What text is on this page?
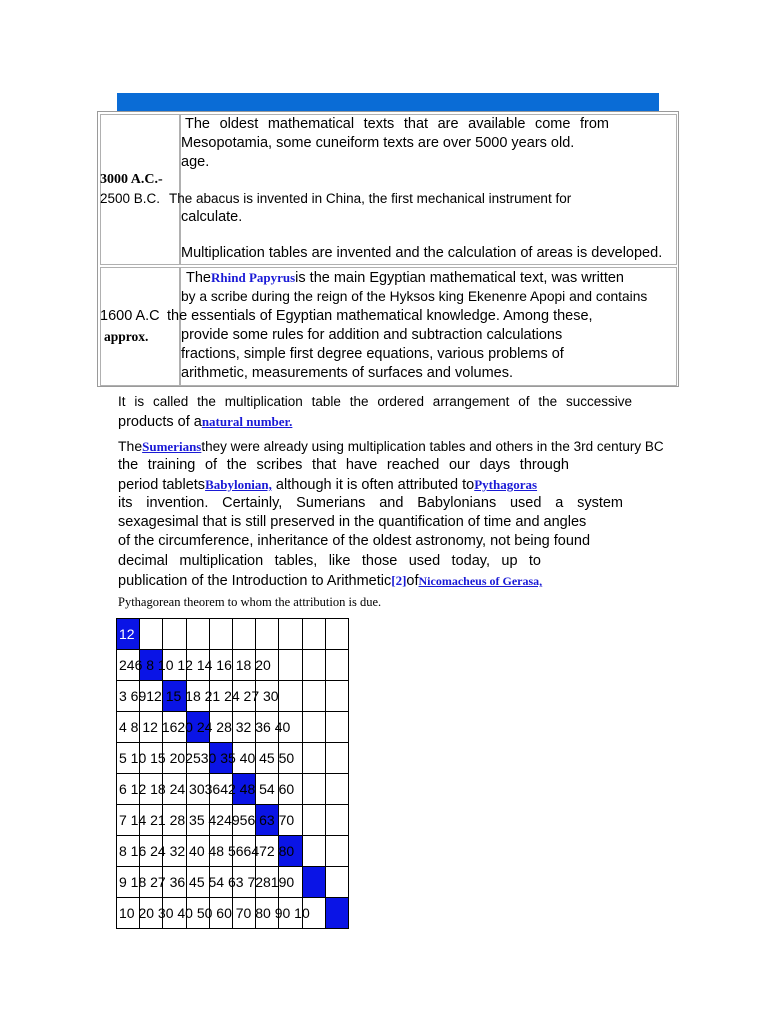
The oldest mathematical texts that are available come from
Mesopotamia, some cuneiform texts are over 5000 years old.
age.
3000 A.C.-
2500 B.C. The abacus is invented in China, the first mechanical instrument for
calculate.
Multiplication tables are invented and the calculation of areas is developed.
TheRhind Papyrusis the main Egyptian mathematical text, was written
by a scribe during the reign of the Hyksos king Ekenenre Apopi and contains
1600 A.C the essentials of Egyptian mathematical knowledge. Among these,
approx. provide some rules for addition and subtraction calculations
fractions, simple first degree equations, various problems of
arithmetic, measurements of surfaces and volumes.
It is called the multiplication table the ordered arrangement of the successive
products of anatural number.
TheSumeriansthey were already using multiplication tables and others in the 3rd century BC
the training of the scribes that have reached our days through
period tabletsBabylonian, although it is often attributed toPythagoras
its invention. Certainly, Sumerians and Babylonians used a system
sexagesimal that is still preserved in the quantification of time and angles
of the circumference, inheritance of the oldest astronomy, not being found
decimal multiplication tables, like those used today, up to
publication of the Introduction to Arithmetic[2]ofNicomacheus of Gerasa,
Pythagorean theorem to whom the attribution is due.
12
246 8 10 12 14 16 18 20
3 6912 15 18 21 24 27 30
4 8 12 1620 24 28 32 36 40
5 10 15 202530 35 40 45 50
6 12 18 24 303642 48 54 60
7 14 21 28 35 424956 63 70
8 16 24 32 40 48 566472 80
9 18 27 36 45 54 63 728190
10 20 30 40 50 60 70 80 90 10
